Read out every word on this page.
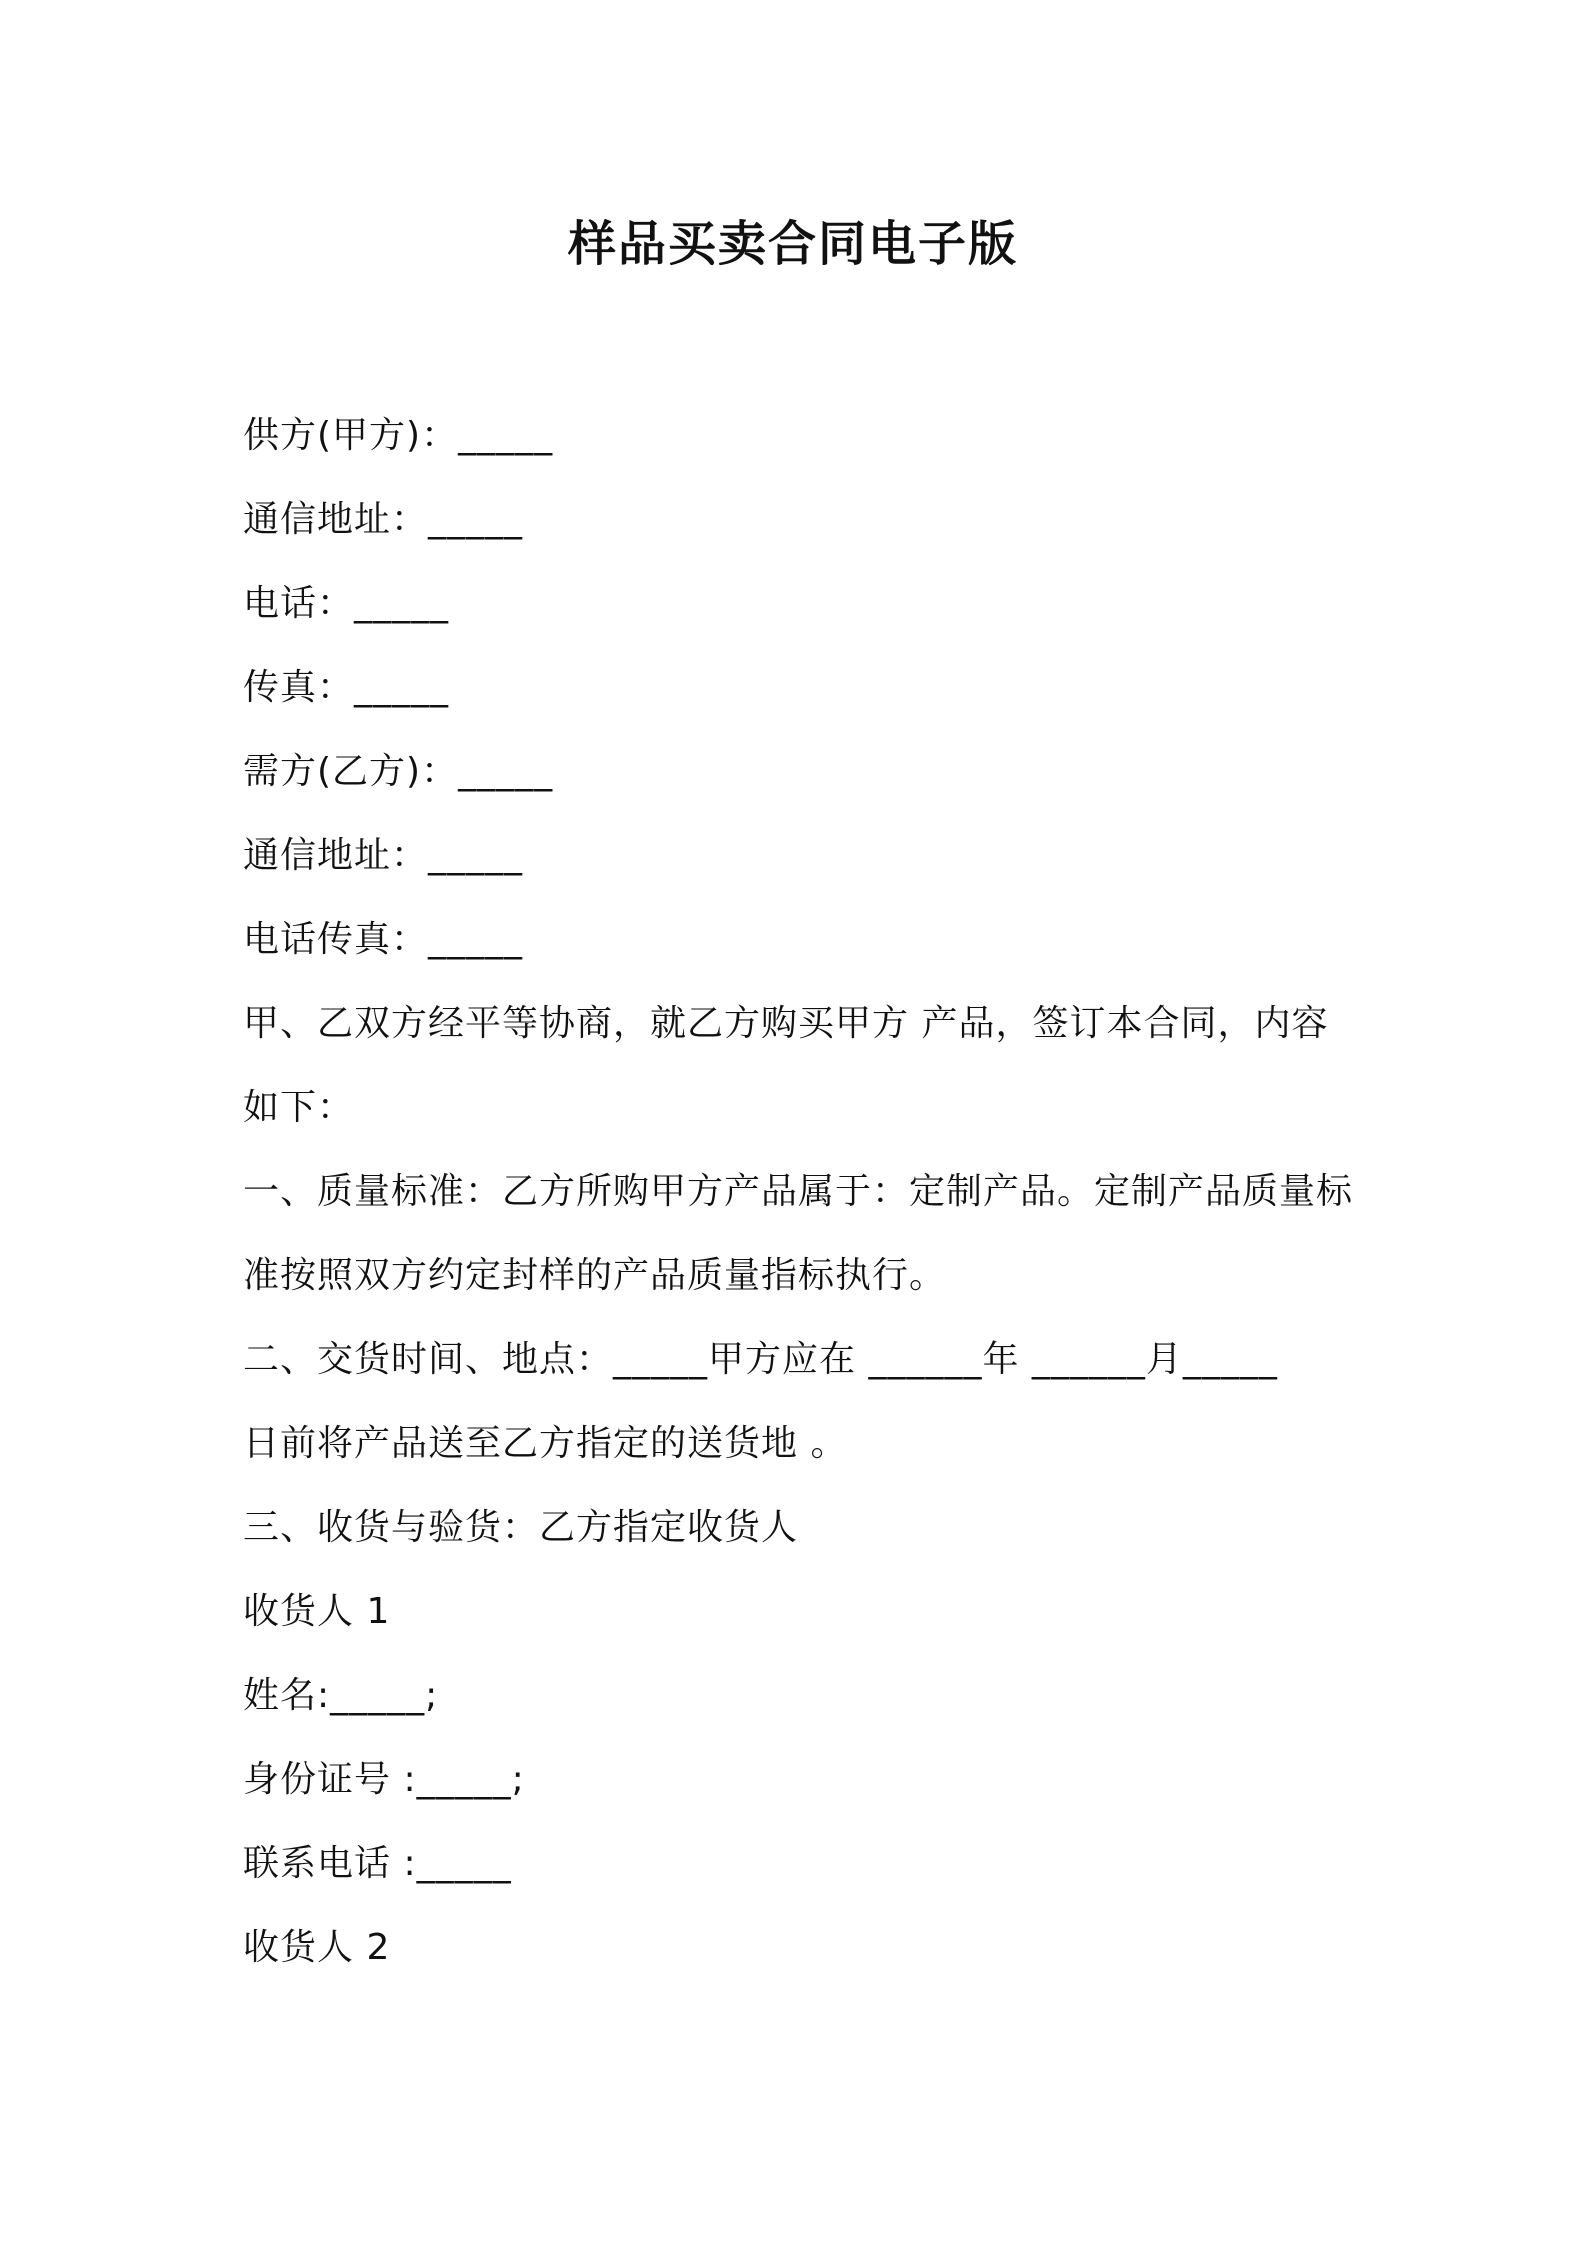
样品买卖合同电子版
供方(甲方)：_____
通信地址：_____
电话：_____
传真：_____
需方(乙方)：_____
通信地址：_____
电话传真：_____
甲、乙双方经平等协商，就乙方购买甲方 产品，签订本合同，内容
如下：
一、质量标准：乙方所购甲方产品属于：定制产品。定制产品质量标
准按照双方约定封样的产品质量指标执行。
二、交货时间、地点：_____甲方应在 ______年 ______月_____
日前将产品送至乙方指定的送货地 。
三、收货与验货：乙方指定收货人
收货人 1
姓名:_____;
身份证号 :_____;
联系电话 :_____
收货人 2
